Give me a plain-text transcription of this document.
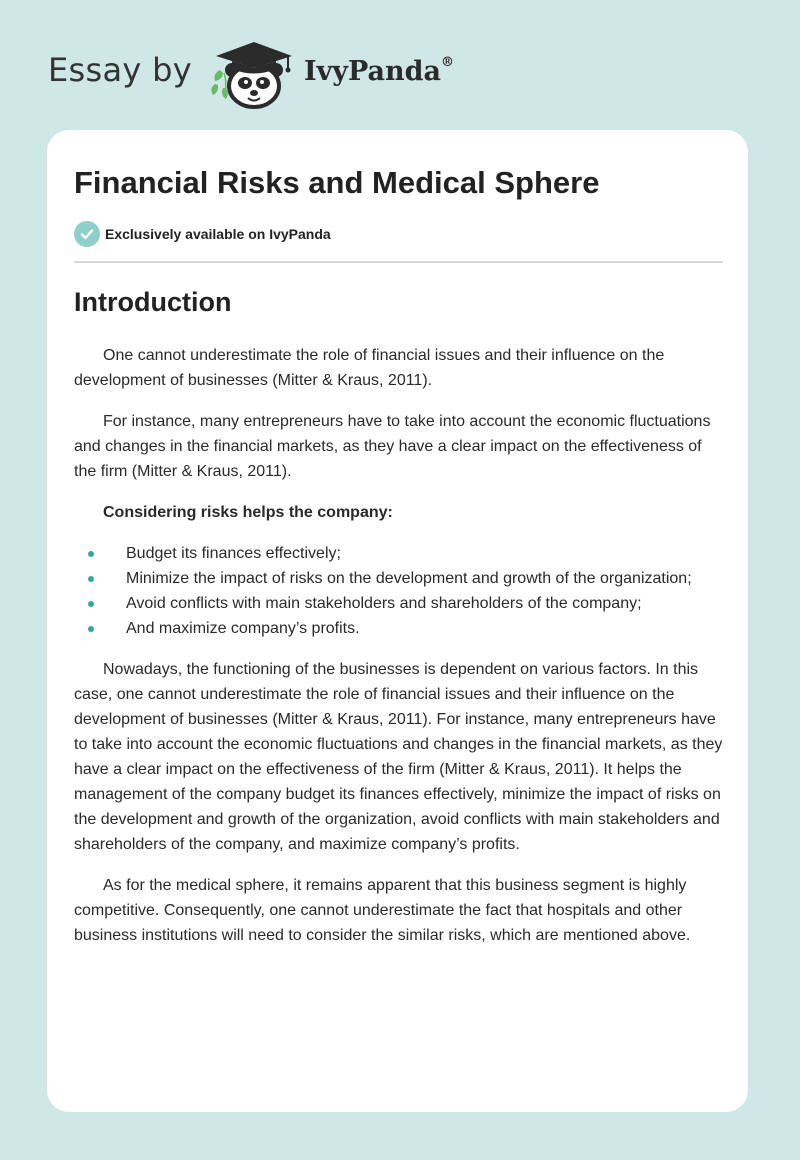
Essay by	IvyPanda®
Financial Risks and Medical Sphere
Exclusively available on IvyPanda
Introduction

One cannot underestimate the role of financial issues and their influence on the development of businesses (Mitter & Kraus, 2011).

For instance, many entrepreneurs have to take into account the economic fluctuations and changes in the financial markets, as they have a clear impact on the effectiveness of the firm (Mitter & Kraus, 2011).

Considering risks helps the company:

Budget its finances effectively;
Minimize the impact of risks on the development and growth of the organization;
Avoid conflicts with main stakeholders and shareholders of the company;
And maximize company’s profits.

Nowadays, the functioning of the businesses is dependent on various factors. In this case, one cannot underestimate the role of financial issues and their influence on the development of businesses (Mitter & Kraus, 2011). For instance, many entrepreneurs have to take into account the economic fluctuations and changes in the financial markets, as they have a clear impact on the effectiveness of the firm (Mitter & Kraus, 2011). It helps the management of the company budget its finances effectively, minimize the impact of risks on the development and growth of the organization, avoid conflicts with main stakeholders and shareholders of the company, and maximize company’s profits.

As for the medical sphere, it remains apparent that this business segment is highly competitive. Consequently, one cannot underestimate the fact that hospitals and other business institutions will need to consider the similar risks, which are mentioned above.
